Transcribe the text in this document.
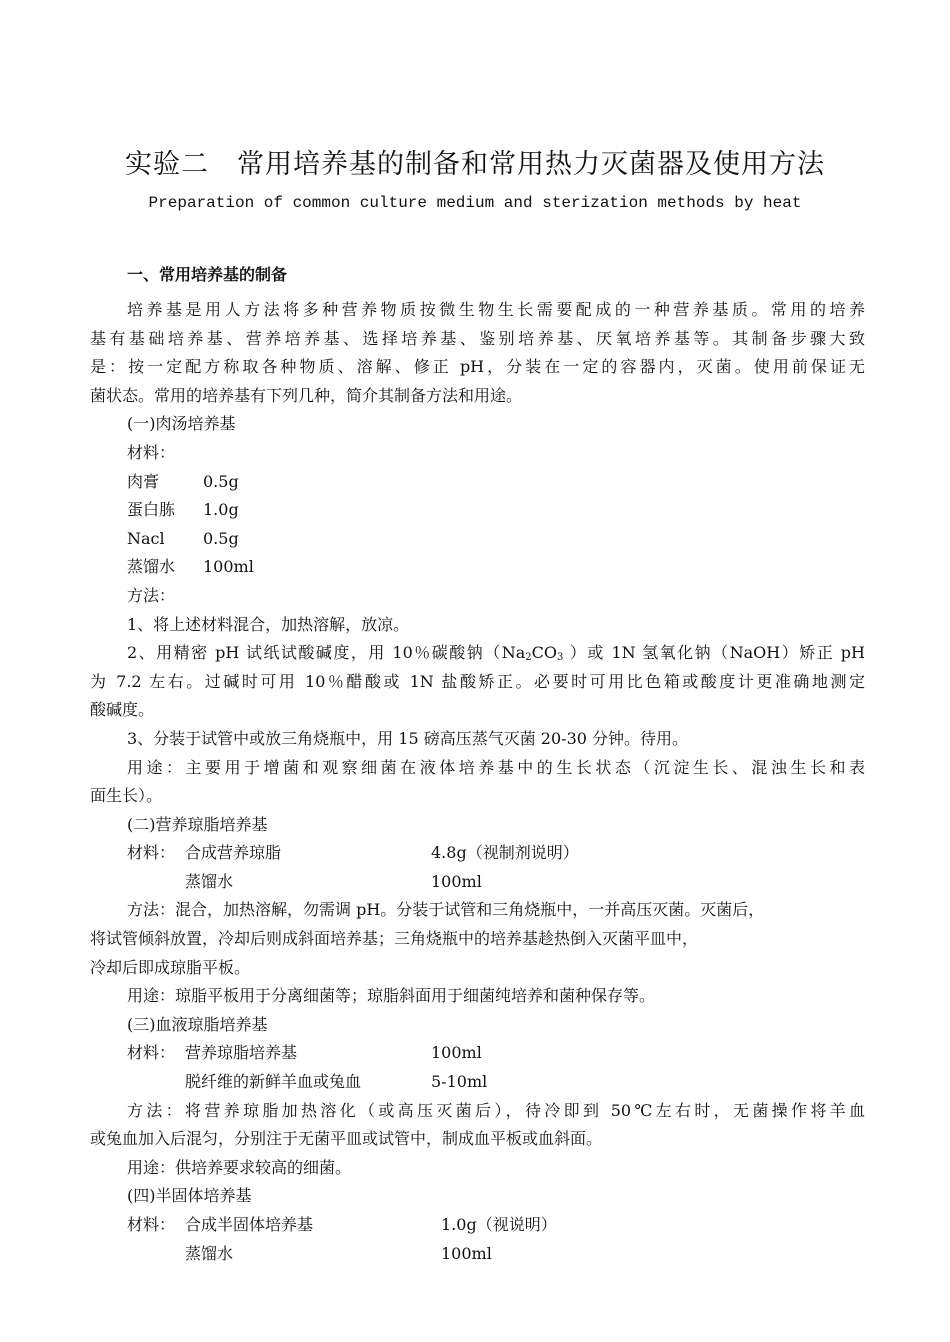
实验二　常用培养基的制备和常用热力灭菌器及使用方法
Preparation of common culture medium and sterization methods by heat
一、常用培养基的制备
培养基是用人方法将多种营养物质按微生物生长需要配成的一种营养基质。常用的培养
基有基础培养基、营养培养基、选择培养基、鉴别培养基、厌氧培养基等。其制备步骤大致
是：按一定配方称取各种物质、溶解、修正 pH，分装在一定的容器内，灭菌。使用前保证无
菌状态。常用的培养基有下列几种，简介其制备方法和用途。
(一)肉汤培养基
材料：
肉膏	0.5g
蛋白胨 1.0g
Nacl 0.5g
蒸馏水 100ml
方法：
1、将上述材料混合，加热溶解，放凉。
2、用精密 pH 试纸试酸碱度，用 10％碳酸钠（$Na_2CO_3$ ）或 1N 氢氧化钠（NaOH）矫正 pH
为 7.2 左右。过碱时可用 10％醋酸或 1N 盐酸矫正。必要时可用比色箱或酸度计更准确地测定
酸碱度。
3、分装于试管中或放三角烧瓶中，用 15 磅高压蒸气灭菌 20-30 分钟。待用。
用途：主要用于增菌和观察细菌在液体培养基中的生长状态（沉淀生长、混浊生长和表
面生长）。
(二)营养琼脂培养基
材料： 合成营养琼脂	4.8g（视制剂说明）
蒸馏水	100ml
方法：混合，加热溶解，勿需调 pH。分装于试管和三角烧瓶中，一并高压灭菌。灭菌后，
将试管倾斜放置，冷却后则成斜面培养基；三角烧瓶中的培养基趁热倒入灭菌平皿中，
冷却后即成琼脂平板。
用途：琼脂平板用于分离细菌等；琼脂斜面用于细菌纯培养和菌种保存等。
(三)血液琼脂培养基
材料： 营养琼脂培养基	100ml
脱纤维的新鲜羊血或兔血	5-10ml
方法：将营养琼脂加热溶化（或高压灭菌后），待冷即到 50℃左右时，无菌操作将羊血
或兔血加入后混匀，分别注于无菌平皿或试管中，制成血平板或血斜面。
用途：供培养要求较高的细菌。
(四)半固体培养基
材料： 合成半固体培养基	1.0g（视说明）
蒸馏水	100ml
